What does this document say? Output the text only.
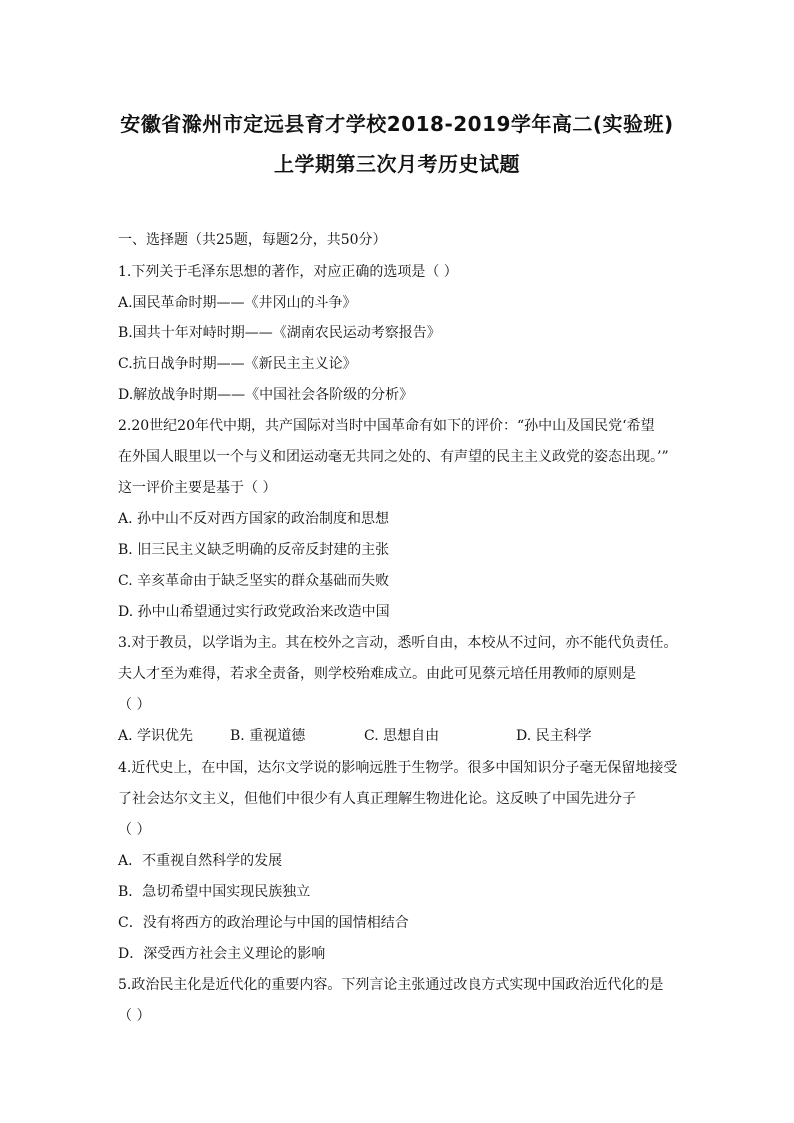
安徽省滁州市定远县育才学校2018-2019学年高二(实验班)
上学期第三次月考历史试题
一、选择题（共25题，每题2分，共50分）
1.下列关于毛泽东思想的著作，对应正确的选项是（ ）
A.国民革命时期——《井冈山的斗争》
B.国共十年对峙时期——《湖南农民运动考察报告》
C.抗日战争时期——《新民主主义论》
D.解放战争时期——《中国社会各阶级的分析》
2.20世纪20年代中期，共产国际对当时中国革命有如下的评价：“孙中山及国民党‘希望
在外国人眼里以一个与义和团运动毫无共同之处的、有声望的民主主义政党的姿态出现。’”
这一评价主要是基于（ ）
A. 孙中山不反对西方国家的政治制度和思想
B. 旧三民主义缺乏明确的反帝反封建的主张
C. 辛亥革命由于缺乏坚实的群众基础而失败
D. 孙中山希望通过实行政党政治来改造中国
3.对于教员，以学诣为主。其在校外之言动，悉听自由，本校从不过问，亦不能代负责任。
夫人才至为难得，若求全责备，则学校殆难成立。由此可见蔡元培任用教师的原则是
（ ）
A. 学识优先	B. 重视道德	C. 思想自由	D. 民主科学
4.近代史上，在中国，达尔文学说的影响远胜于生物学。很多中国知识分子毫无保留地接受
了社会达尔文主义，但他们中很少有人真正理解生物进化论。这反映了中国先进分子
（ ）
A．不重视自然科学的发展
B．急切希望中国实现民族独立
C．没有将西方的政治理论与中国的国情相结合
D．深受西方社会主义理论的影响
5.政治民主化是近代化的重要内容。下列言论主张通过改良方式实现中国政治近代化的是
（ ）
